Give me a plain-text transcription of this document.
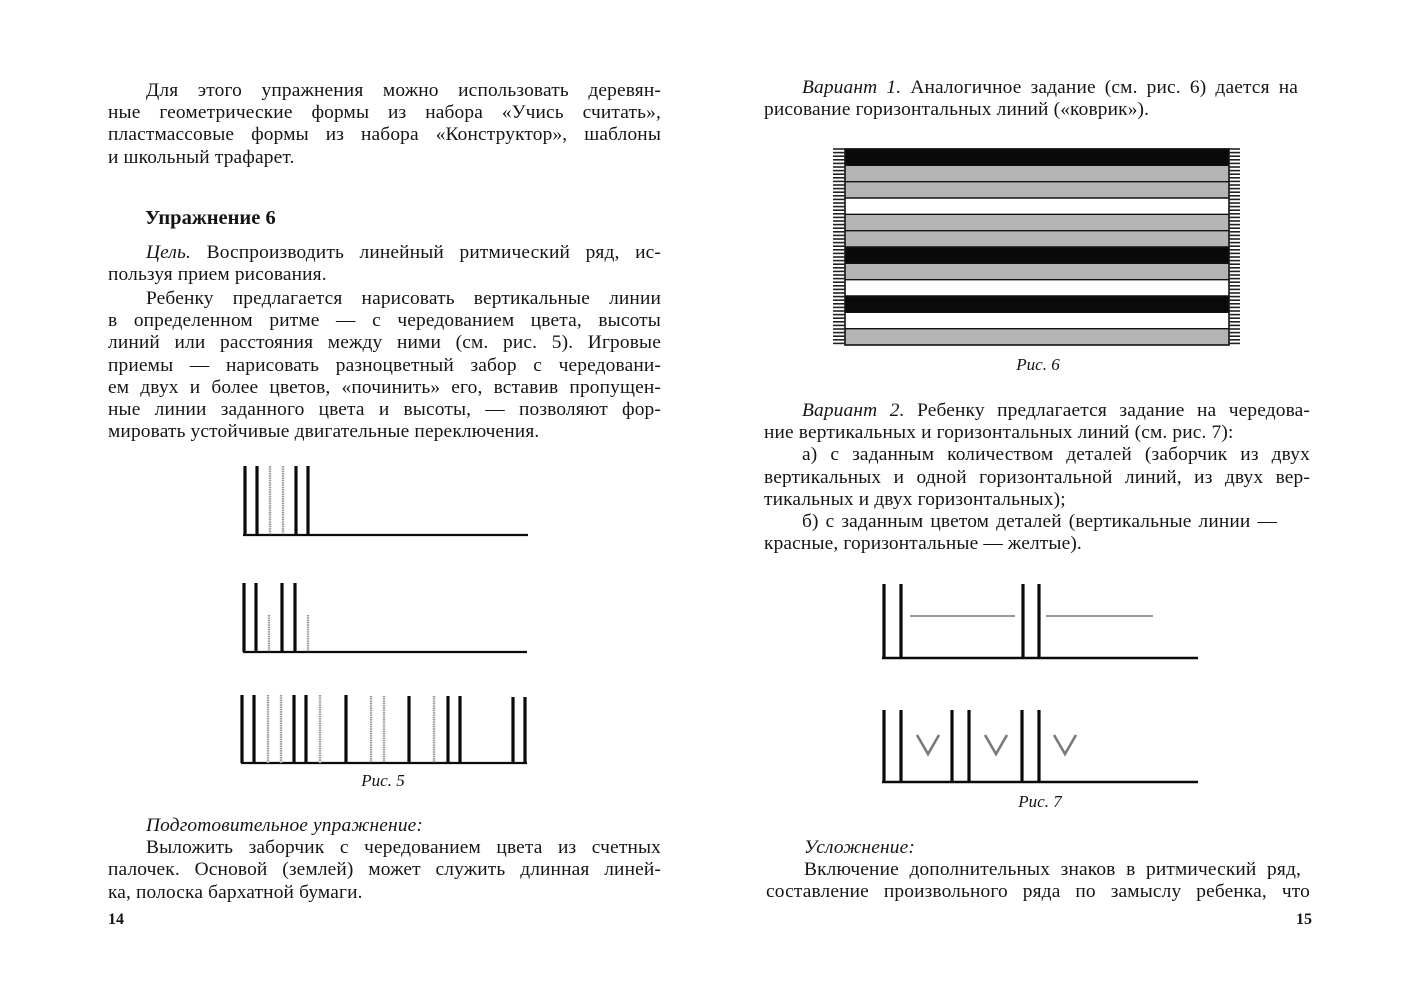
Для этого упражнения можно использовать деревян-
ные геометрические формы из набора «Учись считать»,
пластмассовые формы из набора «Конструктор», шаблоны
и школьный трафарет.
Упражнение 6
Цель. Воспроизводить линейный ритмический ряд, ис-
пользуя прием рисования.
Ребенку предлагается нарисовать вертикальные линии
в определенном ритме — с чередованием цвета, высоты
линий или расстояния между ними (см. рис. 5). Игровые
приемы — нарисовать разноцветный забор с чередовани-
ем двух и более цветов, «починить» его, вставив пропущен-
ные линии заданного цвета и высоты, — позволяют фор-
мировать устойчивые двигательные переключения.
Рис. 5
Подготовительное упражнение:
Выложить заборчик с чередованием цвета из счетных
палочек. Основой (землей) может служить длинная линей-
ка, полоска бархатной бумаги.
14
Вариант 1. Аналогичное задание (см. рис. 6) дается на
рисование горизонтальных линий («коврик»).
Рис. 6
Вариант 2. Ребенку предлагается задание на чередова-
ние вертикальных и горизонтальных линий (см. рис. 7):
а) с заданным количеством деталей (заборчик из двух
вертикальных и одной горизонтальной линий, из двух вер-
тикальных и двух горизонтальных);
б) с заданным цветом деталей (вертикальные линии —
красные, горизонтальные — желтые).
Рис. 7
Усложнение:
Включение дополнительных знаков в ритмический ряд,
составление произвольного ряда по замыслу ребенка, что
15
